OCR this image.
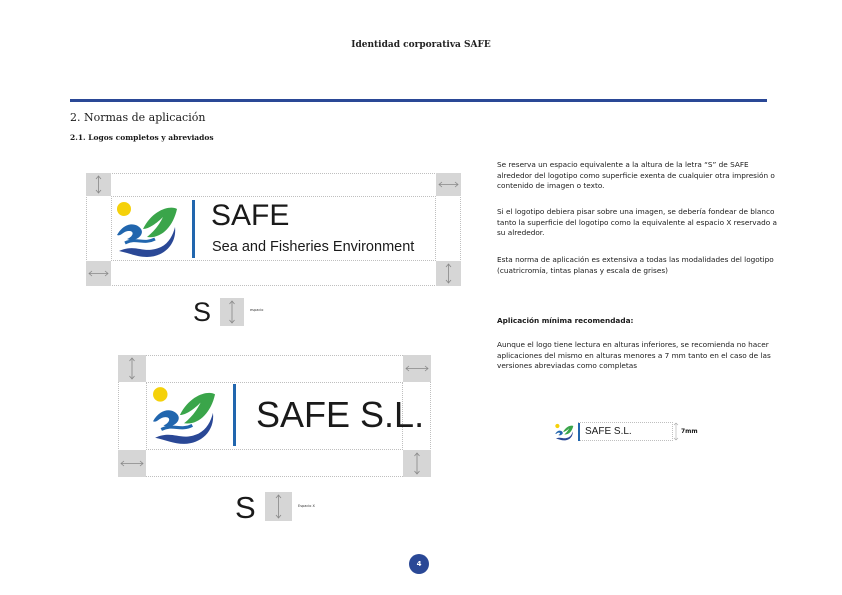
Identidad corporativa SAFE
2. Normas de aplicación
2.1. Logos completos y abreviados
SAFE
Sea and Fisheries Environment
S	espacio
SAFE S.L.
S	Espacio X
Se reserva un espacio equivalente a la altura de la letra “S” de SAFE alrededor del logotipo como superficie exenta de cualquier otra impresión o contenido de imagen o texto.
Si el logotipo debiera pisar sobre una imagen, se debería fondear de blanco tanto la superficie del logotipo como la equivalente al espacio X reservado a su alrededor.
Esta norma de aplicación es extensiva a todas las modalidades del logotipo (cuatricromía, tintas planas y escala de grises)
Aplicación mínima recomendada:
Aunque el logo tiene lectura en alturas inferiores, se recomienda no hacer aplicaciones del mismo en alturas menores a 7 mm tanto en el caso de las versiones abreviadas como completas
SAFE S.L.	7mm
4
